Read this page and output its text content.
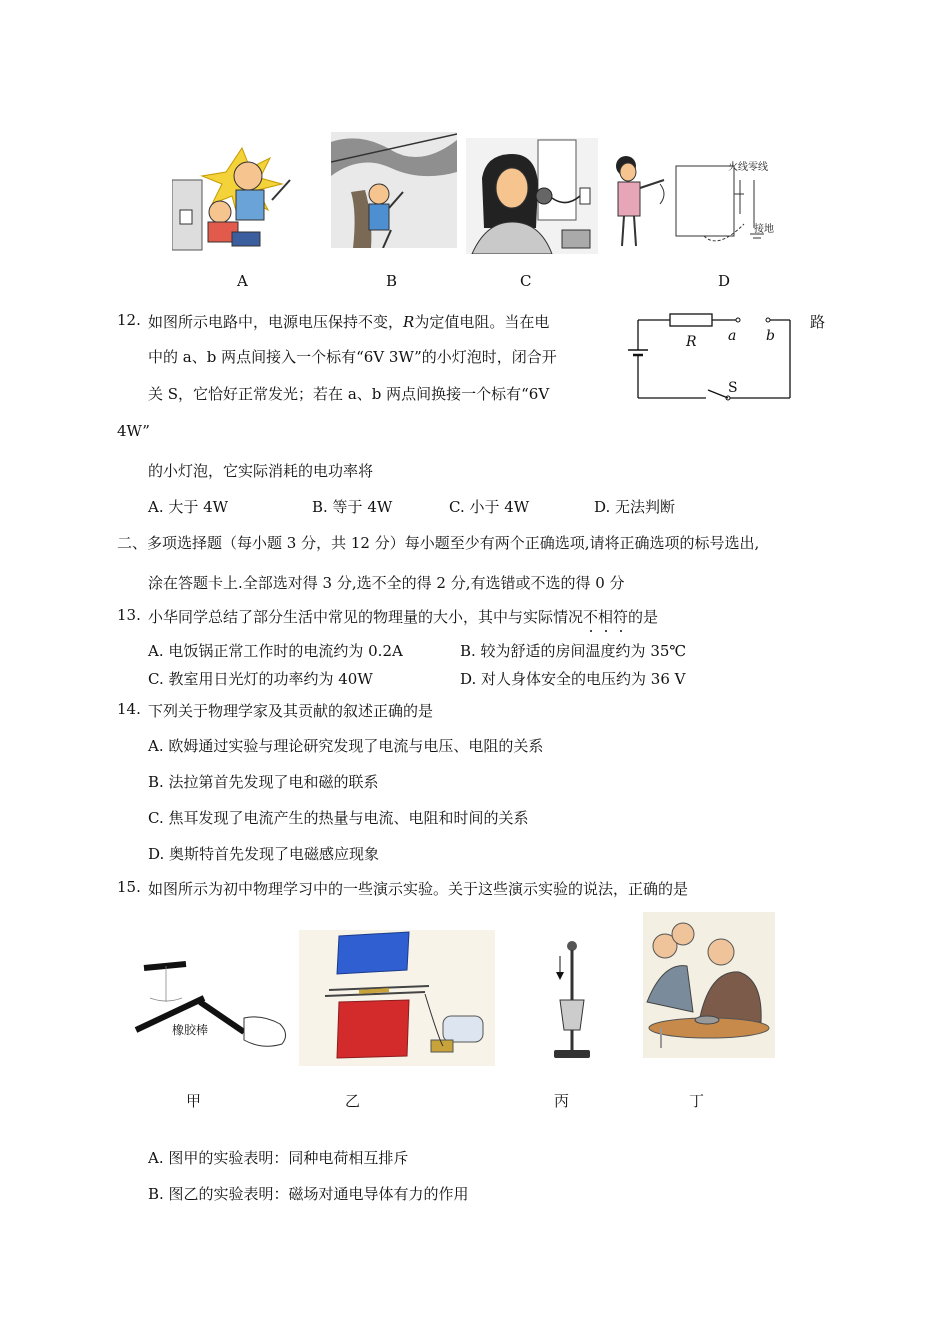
火线 零线
接地
A	B	C	D
12. 如图所示电路中，电源电压保持不变，R为定值电阻。当在电	路
中的 a、b 两点间接入一个标有“6V 3W”的小灯泡时，闭合开
关 S，它恰好正常发光；若在 a、b 两点间换接一个标有“6V
4W”
的小灯泡，它实际消耗的电功率将
R a b
S
A. 大于 4W	B. 等于 4W	C. 小于 4W	D. 无法判断
二、多项选择题（每小题 3 分，共 12 分）每小题至少有两个正确选项,请将正确选项的标号选出,
涂在答题卡上.全部选对得 3 分,选不全的得 2 分,有选错或不选的得 0 分
13. 小华同学总结了部分生活中常见的物理量的大小，其中与实际情况不相符
的是
A. 电饭锅正常工作时的电流约为 0.2A	B. 较为舒适的房间温度约为 35℃
C. 教室用日光灯的功率约为 40W	D. 对人身体安全的电压约为 36 V
14. 下列关于物理学家及其贡献的叙述正确的是
A. 欧姆通过实验与理论研究发现了电流与电压、电阻的关系
B. 法拉第首先发现了电和磁的联系
C. 焦耳发现了电流产生的热量与电流、电阻和时间的关系
D. 奥斯特首先发现了电磁感应现象
15. 如图所示为初中物理学习中的一些演示实验。关于这些演示实验的说法，正确的是
橡胶棒
甲	乙	丙	丁
A. 图甲的实验表明：同种电荷相互排斥
B. 图乙的实验表明：磁场对通电导体有力的作用
